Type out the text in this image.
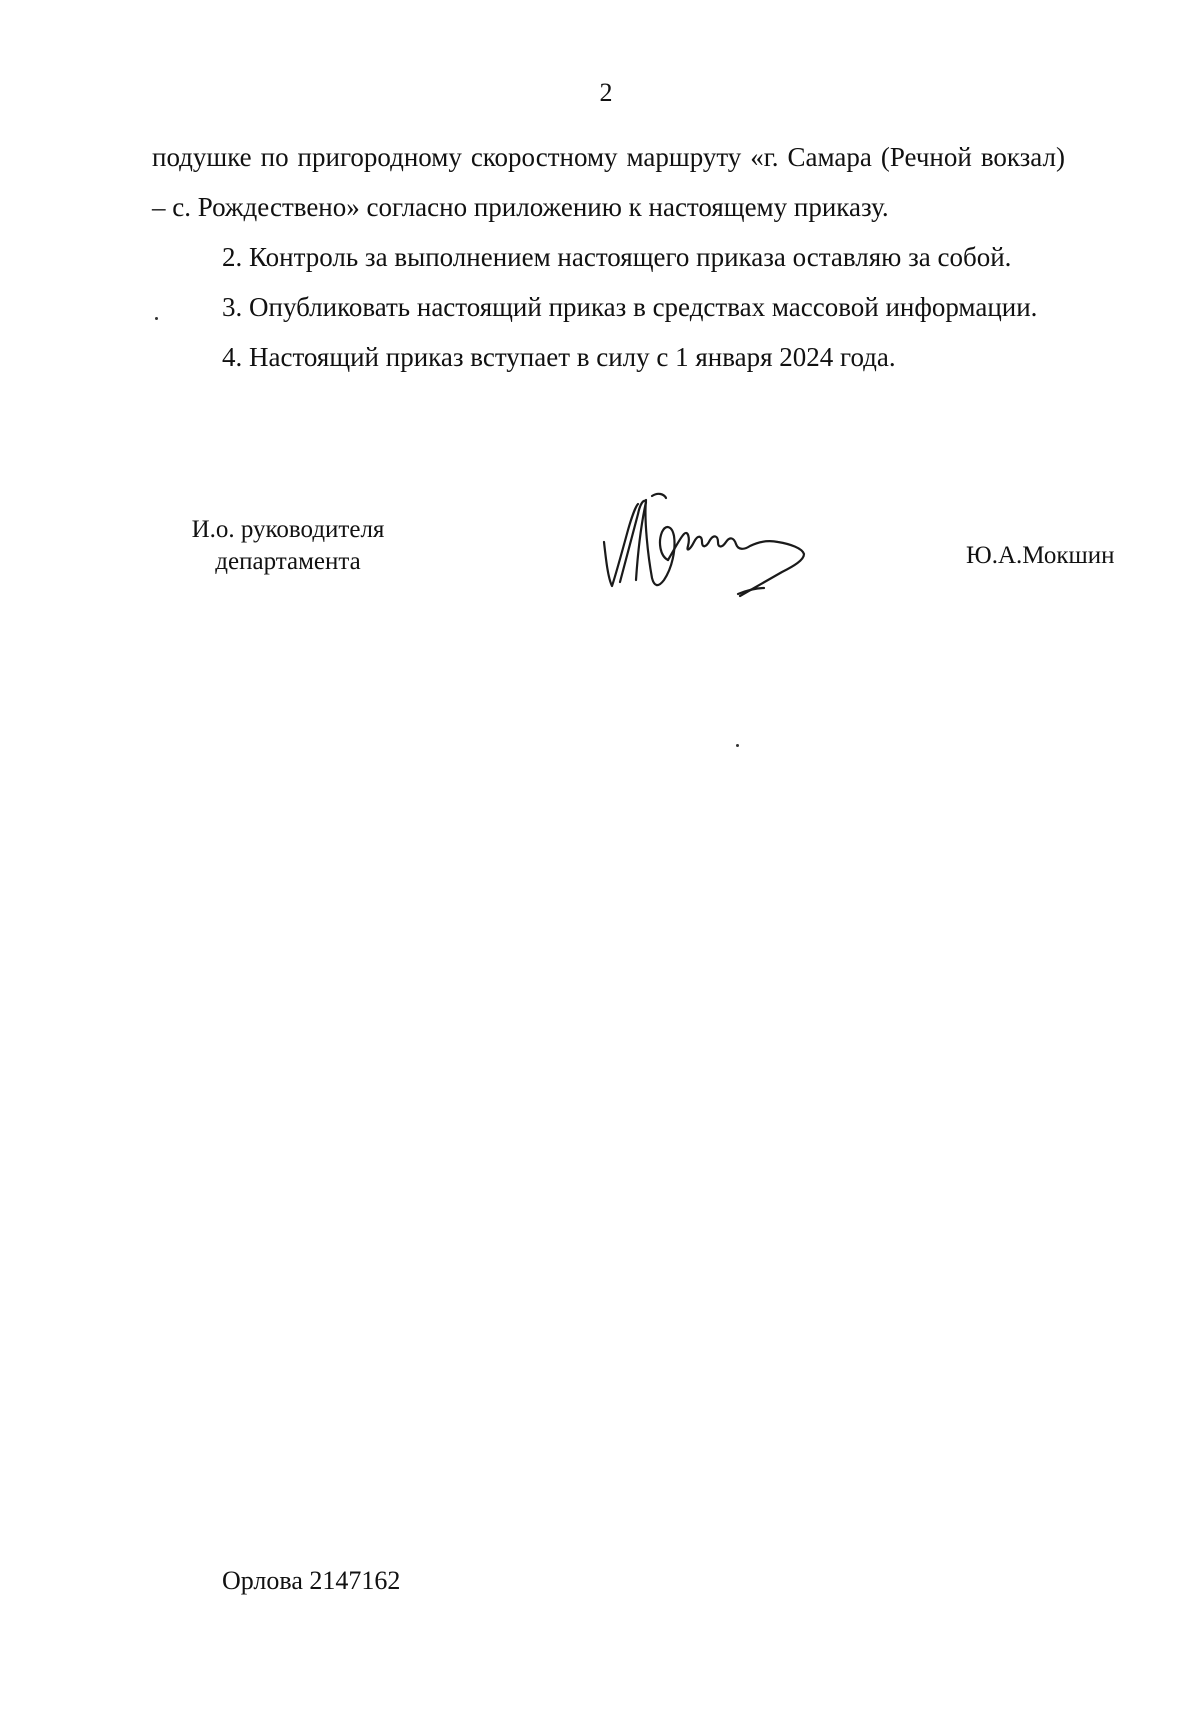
2

подушке по пригородному скоростному маршруту «г. Самара (Речной вокзал) – с. Рождествено» согласно приложению к настоящему приказу.

2. Контроль за выполнением настоящего приказа оставляю за собой.

3. Опубликовать настоящий приказ в средствах массовой информации.

4. Настоящий приказ вступает в силу с 1 января 2024 года.

И.о. руководителя
департамента	Ю.А.Мокшин
Орлова 2147162
